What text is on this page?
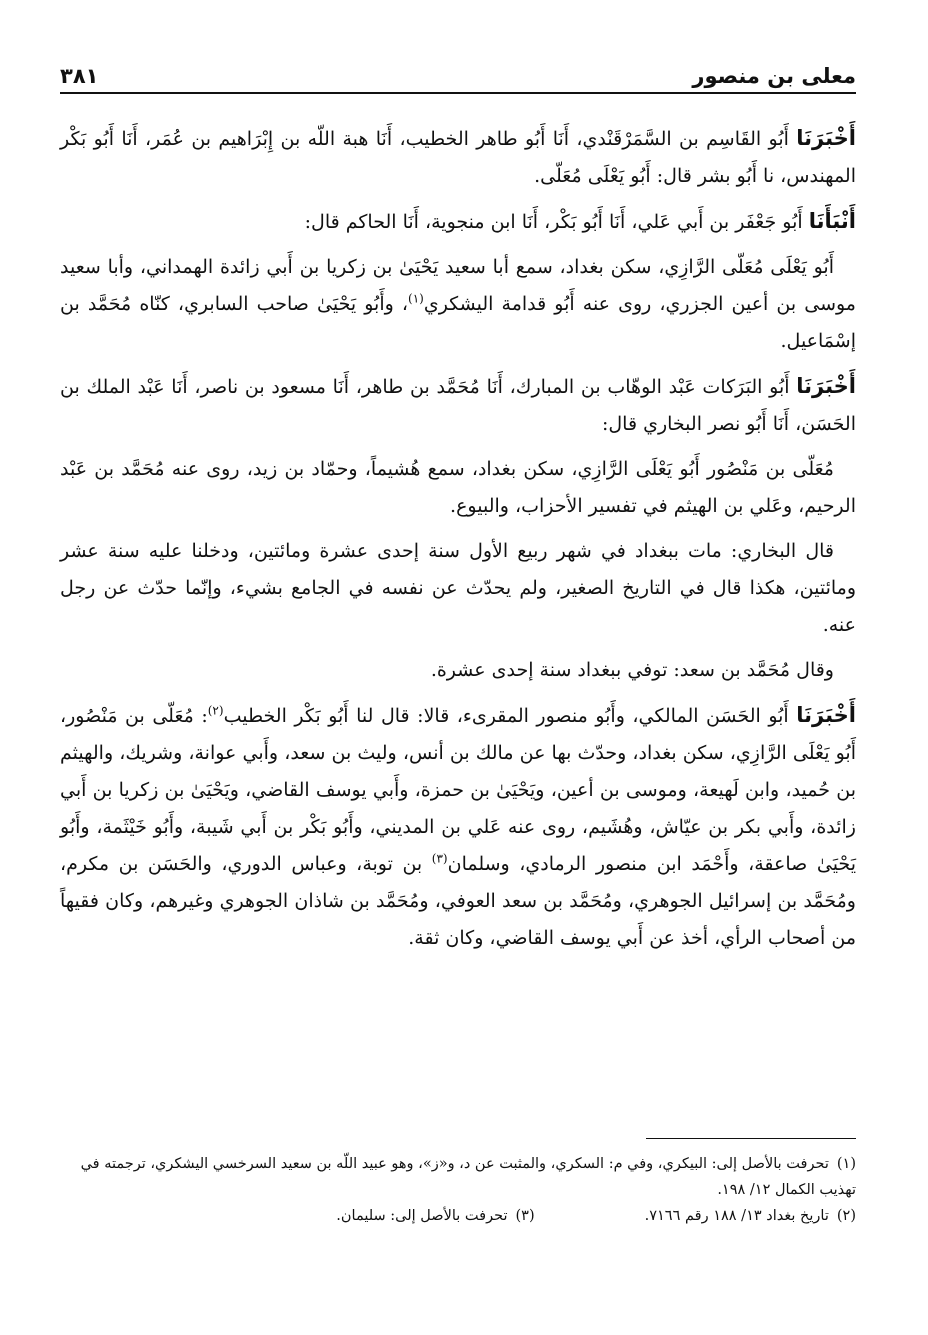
معلى بن منصور
٣٨١

أَخْبَرَنَا أَبُو القَاسِم بن السَّمَرْقَنْدي، أَنَا أَبُو طاهر الخطيب، أَنَا هبة اللّه بن إِبْرَاهيم بن عُمَر، أَنَا أَبُو بَكْر المهندس، نا أَبُو بشر قال: أَبُو يَعْلَى مُعَلّى.

أَنْبَأَنَا أَبُو جَعْفَر بن أَبي عَلي، أَنَا أَبُو بَكْر، أَنَا ابن منجوية، أَنَا الحاكم قال:

أَبُو يَعْلَى مُعَلّى الرَّازِي، سكن بغداد، سمع أبا سعيد يَحْيَىٰ بن زكريا بن أَبي زائدة الهمداني، وأبا سعيد موسى بن أعين الجزري، روى عنه أَبُو قدامة اليشكري$^{(١)}$، وأَبُو يَحْيَىٰ صاحب السابري، كنّاه مُحَمَّد بن إسْمَاعيل.

أَخْبَرَنَا أَبُو البَرَكات عَبْد الوهّاب بن المبارك، أَنَا مُحَمَّد بن طاهر، أَنَا مسعود بن ناصر، أَنَا عَبْد الملك بن الحَسَن، أَنَا أَبُو نصر البخاري قال:

مُعَلّى بن مَنْصُور أَبُو يَعْلَى الرَّازِي، سكن بغداد، سمع هُشيماً، وحمّاد بن زيد، روى عنه مُحَمَّد بن عَبْد الرحيم، وعَلي بن الهيثم في تفسير الأحزاب، والبيوع.

قال البخاري: مات ببغداد في شهر ربيع الأول سنة إحدى عشرة ومائتين، ودخلنا عليه سنة عشر ومائتين، هكذا قال في التاريخ الصغير، ولم يحدّث عن نفسه في الجامع بشيء، وإنّما حدّث عن رجل عنه.

وقال مُحَمَّد بن سعد: توفي ببغداد سنة إحدى عشرة.

أَخْبَرَنَا أَبُو الحَسَن المالكي، وأَبُو منصور المقرىء، قالا: قال لنا أَبُو بَكْر الخطيب$^{(٢)}$: مُعَلّى بن مَنْصُور، أَبُو يَعْلَى الرَّازِي، سكن بغداد، وحدّث بها عن مالك بن أنس، وليث بن سعد، وأَبي عوانة، وشريك، والهيثم بن حُميد، وابن لَهيعة، وموسى بن أعين، ويَحْيَىٰ بن حمزة، وأَبي يوسف القاضي، ويَحْيَىٰ بن زكريا بن أَبي زائدة، وأَبي بكر بن عيّاش، وهُشَيم، روى عنه عَلي بن المديني، وأَبُو بَكْر بن أَبي شَيبة، وأَبُو خَيْثَمة، وأَبُو يَحْيَىٰ صاعقة، وأَحْمَد ابن منصور الرمادي، وسلمان$^{(٣)}$ بن توبة، وعباس الدوري، والحَسَن بن مكرم، ومُحَمَّد بن إسرائيل الجوهري، ومُحَمَّد بن سعد العوفي، ومُحَمَّد بن شاذان الجوهري وغيرهم، وكان فقيهاً من أصحاب الرأي، أخذ عن أَبي يوسف القاضي، وكان ثقة.

(١)تحرفت بالأصل إلى: البيكري، وفي م: السكري، والمثبت عن د، و«ز»، وهو عبيد اللّه بن سعيد السرخسي اليشكري، ترجمته في تهذيب الكمال ١٢/ ١٩٨.

(٢)تاريخ بغداد ١٣/ ١٨٨ رقم ٧١٦٦.

(٣)تحرفت بالأصل إلى: سليمان.
